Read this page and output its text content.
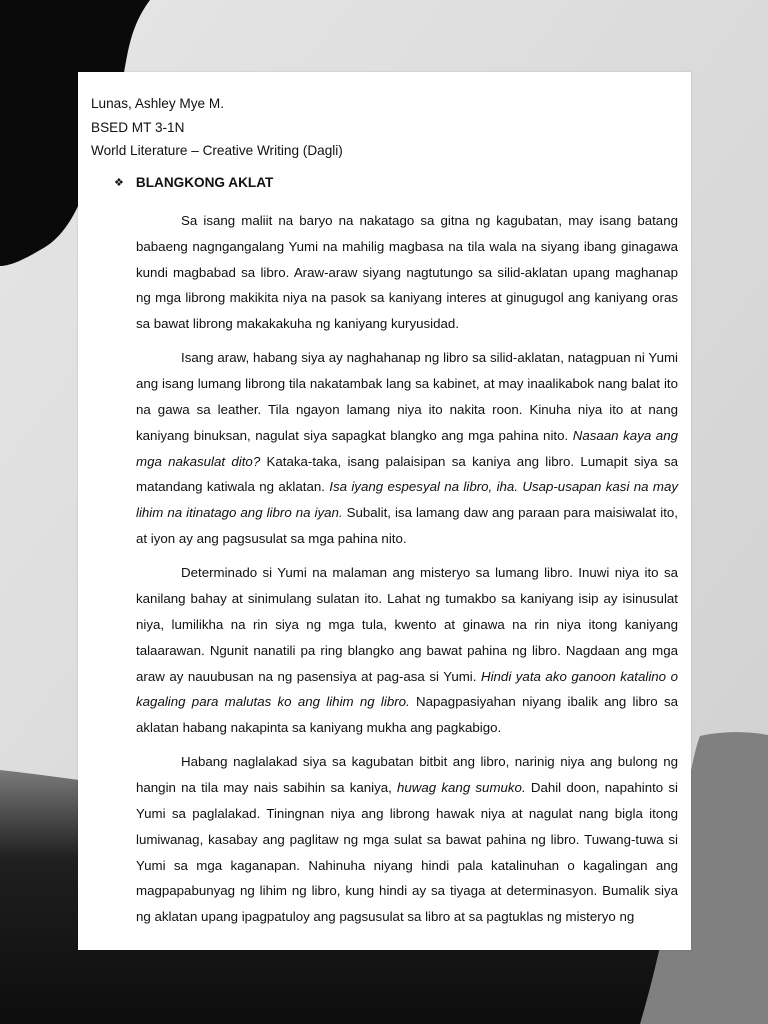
Lunas, Ashley Mye M.
BSED MT 3-1N
World Literature – Creative Writing (Dagli)
❖ BLANGKONG AKLAT

Sa isang maliit na baryo na nakatago sa gitna ng kagubatan, may isang batang babaeng nagngangalang Yumi na mahilig magbasa na tila wala na siyang ibang ginagawa kundi magbabad sa libro. Araw-araw siyang nagtutungo sa silid-aklatan upang maghanap ng mga librong makikita niya na pasok sa kaniyang interes at ginugugol ang kaniyang oras sa bawat librong makakakuha ng kaniyang kuryusidad.

Isang araw, habang siya ay naghahanap ng libro sa silid-aklatan, natagpuan ni Yumi ang isang lumang librong tila nakatambak lang sa kabinet, at may inaalikabok nang balat ito na gawa sa leather. Tila ngayon lamang niya ito nakita roon. Kinuha niya ito at nang kaniyang binuksan, nagulat siya sapagkat blangko ang mga pahina nito. Nasaan kaya ang mga nakasulat dito? Kataka-taka, isang palaisipan sa kaniya ang libro. Lumapit siya sa matandang katiwala ng aklatan. Isa iyang espesyal na libro, iha. Usap-usapan kasi na may lihim na itinatago ang libro na iyan. Subalit, isa lamang daw ang paraan para maisiwalat ito, at iyon ay ang pagsusulat sa mga pahina nito.

Determinado si Yumi na malaman ang misteryo sa lumang libro. Inuwi niya ito sa kanilang bahay at sinimulang sulatan ito. Lahat ng tumakbo sa kaniyang isip ay isinusulat niya, lumilikha na rin siya ng mga tula, kwento at ginawa na rin niya itong kaniyang talaarawan. Ngunit nanatili pa ring blangko ang bawat pahina ng libro. Nagdaan ang mga araw ay nauubusan na ng pasensiya at pag-asa si Yumi. Hindi yata ako ganoon katalino o kagaling para malutas ko ang lihim ng libro. Napagpasiyahan niyang ibalik ang libro sa aklatan habang nakapinta sa kaniyang mukha ang pagkabigo.

Habang naglalakad siya sa kagubatan bitbit ang libro, narinig niya ang bulong ng hangin na tila may nais sabihin sa kaniya, huwag kang sumuko. Dahil doon, napahinto si Yumi sa paglalakad. Tiningnan niya ang librong hawak niya at nagulat nang bigla itong lumiwanag, kasabay ang paglitaw ng mga sulat sa bawat pahina ng libro. Tuwang-tuwa si Yumi sa mga kaganapan. Nahinuha niyang hindi pala katalinuhan o kagalingan ang magpapabunyag ng lihim ng libro, kung hindi ay sa tiyaga at determinasyon. Bumalik siya ng aklatan upang ipagpatuloy ang pagsusulat sa libro at sa pagtuklas ng misteryo ng
